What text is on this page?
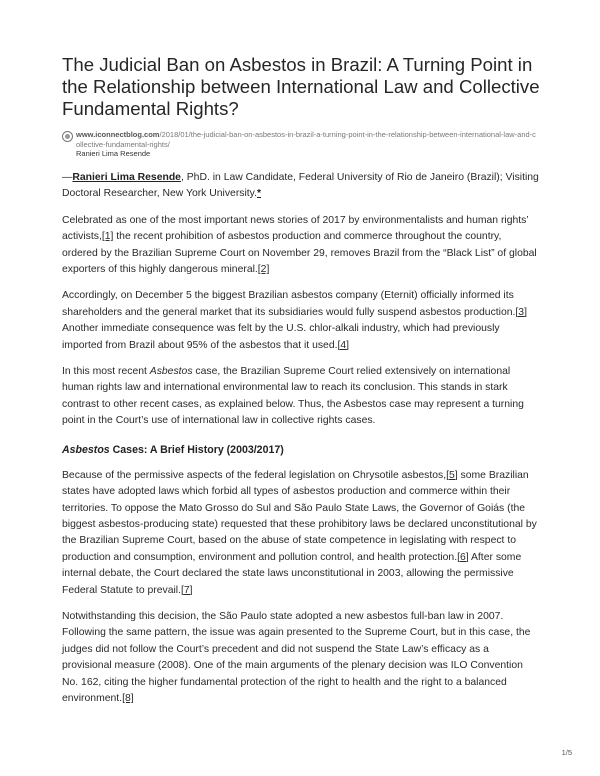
The Judicial Ban on Asbestos in Brazil: A Turning Point in the Relationship between International Law and Collective Fundamental Rights?
www.iconnectblog.com/2018/01/the-judicial-ban-on-asbestos-in-brazil-a-turning-point-in-the-relationship-between-international-law-and-collective-fundamental-rights/
Ranieri Lima Resende

—Ranieri Lima Resende, PhD. in Law Candidate, Federal University of Rio de Janeiro (Brazil); Visiting Doctoral Researcher, New York University.*

Celebrated as one of the most important news stories of 2017 by environmentalists and human rights’ activists,[1] the recent prohibition of asbestos production and commerce throughout the country, ordered by the Brazilian Supreme Court on November 29, removes Brazil from the “Black List” of global exporters of this highly dangerous mineral.[2]

Accordingly, on December 5 the biggest Brazilian asbestos company (Eternit) officially informed its shareholders and the general market that its subsidiaries would fully suspend asbestos production.[3] Another immediate consequence was felt by the U.S. chlor-alkali industry, which had previously imported from Brazil about 95% of the asbestos that it used.[4]

In this most recent Asbestos case, the Brazilian Supreme Court relied extensively on international human rights law and international environmental law to reach its conclusion. This stands in stark contrast to other recent cases, as explained below. Thus, the Asbestos case may represent a turning point in the Court’s use of international law in collective rights cases.

Asbestos Cases: A Brief History (2003/2017)

Because of the permissive aspects of the federal legislation on Chrysotile asbestos,[5] some Brazilian states have adopted laws which forbid all types of asbestos production and commerce within their territories. To oppose the Mato Grosso do Sul and São Paulo State Laws, the Governor of Goiás (the biggest asbestos-producing state) requested that these prohibitory laws be declared unconstitutional by the Brazilian Supreme Court, based on the abuse of state competence in legislating with respect to production and consumption, environment and pollution control, and health protection.[6] After some internal debate, the Court declared the state laws unconstitutional in 2003, allowing the permissive Federal Statute to prevail.[7]

Notwithstanding this decision, the São Paulo state adopted a new asbestos full-ban law in 2007. Following the same pattern, the issue was again presented to the Supreme Court, but in this case, the judges did not follow the Court’s precedent and did not suspend the State Law’s efficacy as a provisional measure (2008). One of the main arguments of the plenary decision was ILO Convention No. 162, citing the higher fundamental protection of the right to health and the right to a balanced environment.[8]

1/5
